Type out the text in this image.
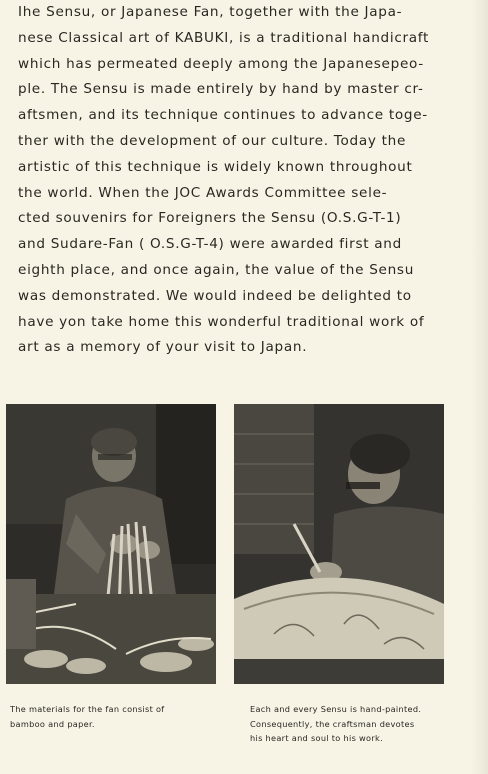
Ihe Sensu, or Japanese Fan, together with the Japa-
nese Classical art of KABUKI, is a traditional handicraft
which has permeated deeply among the Japanesepeo-
ple. The Sensu is made entirely by hand by master cr-
aftsmen, and its technique continues to advance toge-
ther with the development of our culture. Today the
artistic of this technique is widely known throughout
the world. When the JOC Awards Committee sele-
cted souvenirs for Foreigners the Sensu (O.S.G-T-1)
and Sudare-Fan ( O.S.G-T-4) were awarded first and
eighth place, and once again, the value of the Sensu
was demonstrated. We would indeed be delighted to
have yon take home this wonderful traditional work of
art as a memory of your visit to Japan.
The materials for the fan consist of
bamboo and paper.
Each and every Sensu is hand-painted.
Consequently, the craftsman devotes
his heart and soul to his work.
